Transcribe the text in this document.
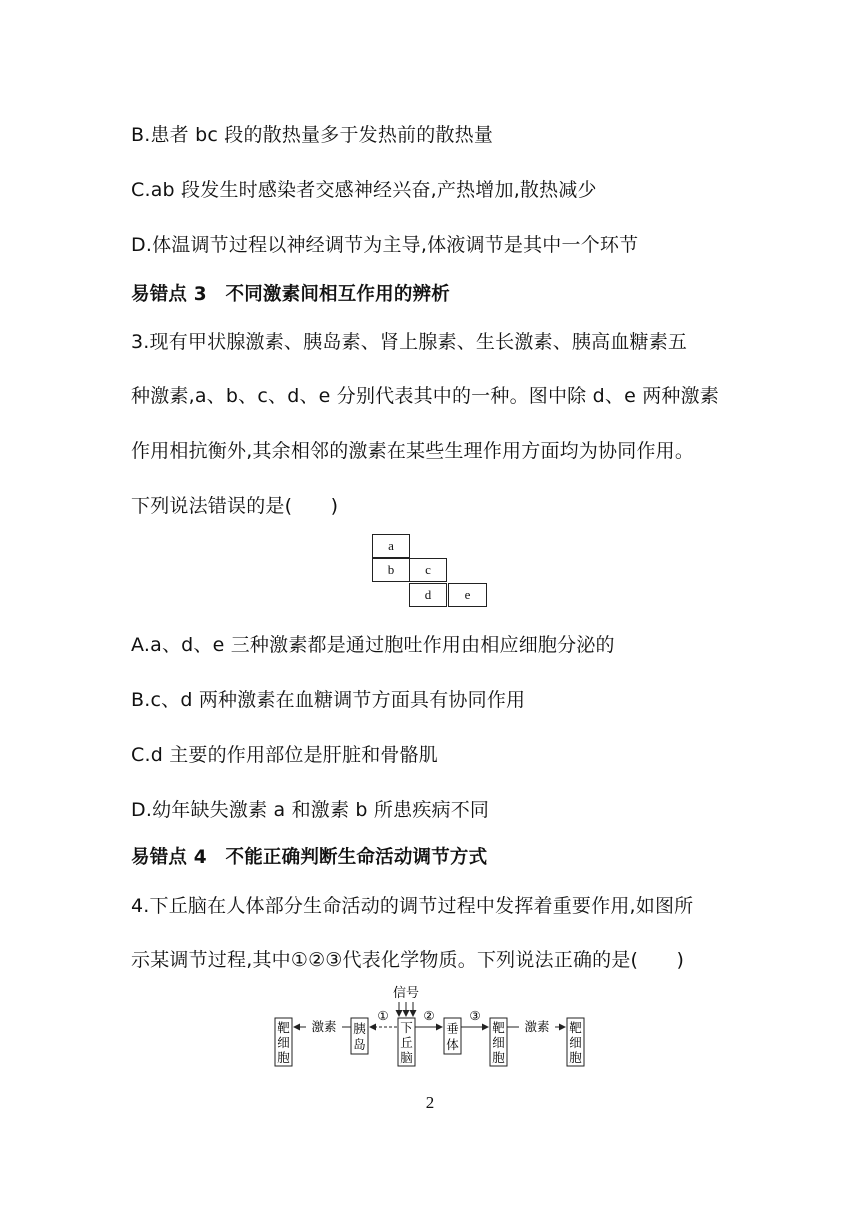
B.患者 bc 段的散热量多于发热前的散热量
C.ab 段发生时感染者交感神经兴奋,产热增加,散热减少
D.体温调节过程以神经调节为主导,体液调节是其中一个环节
易错点 3　不同激素间相互作用的辨析
3.现有甲状腺激素、胰岛素、肾上腺素、生长激素、胰高血糖素五
种激素,a、b、c、d、e 分别代表其中的一种。图中除 d、e 两种激素
作用相抗衡外,其余相邻的激素在某些生理作用方面均为协同作用。
下列说法错误的是(　　)
a
b	c
d	e
A.a、d、e 三种激素都是通过胞吐作用由相应细胞分泌的
B.c、d 两种激素在血糖调节方面具有协同作用
C.d 主要的作用部位是肝脏和骨骼肌
D.幼年缺失激素 a 和激素 b 所患疾病不同
易错点 4　不能正确判断生命活动调节方式
4.下丘脑在人体部分生命活动的调节过程中发挥着重要作用,如图所
示某调节过程,其中①②③代表化学物质。下列说法正确的是(　　)
信号
靶
细
胞
胰
岛
下
丘
脑
垂
体
靶
细
胞
靶
细
胞
激素
①	②	③
激素
2
